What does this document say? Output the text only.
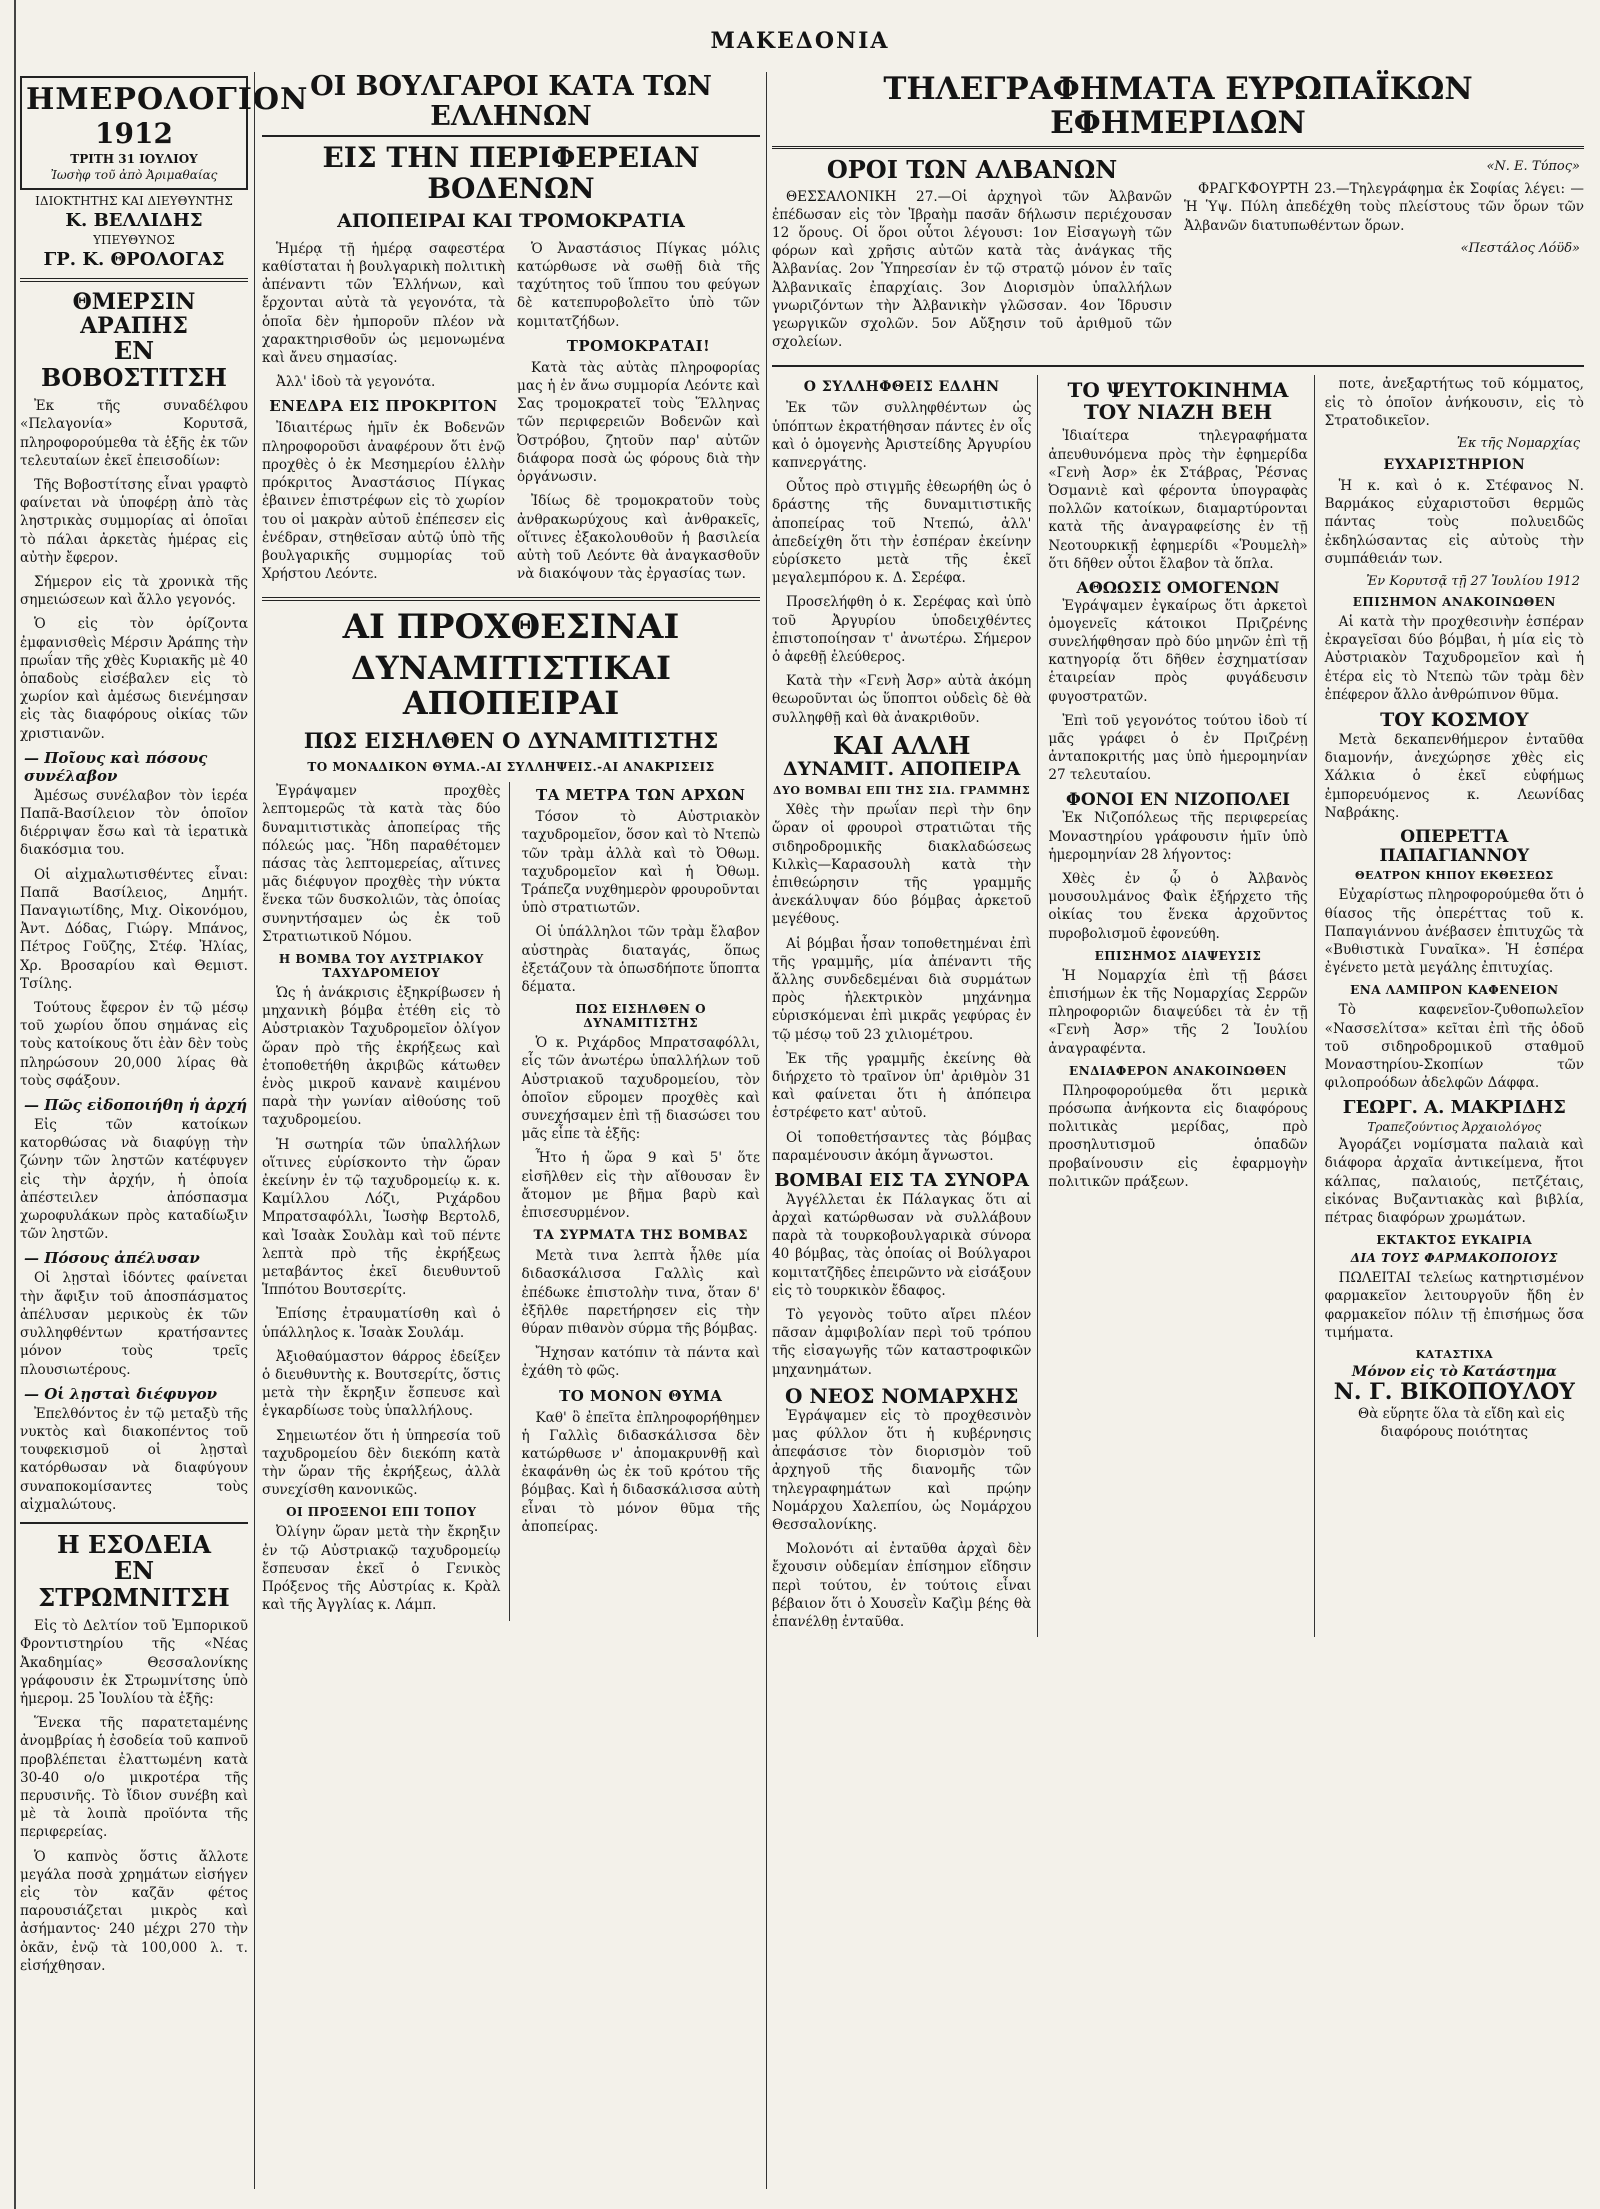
ΜΑΚΕΔΟΝΙΑ
ΗΜΕΡΟΛΟΓΙΟΝ
1912
ΤΡΙΤΗ 31 ΙΟΥΛΙΟΥ
Ἰωσὴφ τοῦ ἀπὸ Ἀριμαθαίας
ΙΔΙΟΚΤΗΤΗΣ ΚΑΙ ΔΙΕΥΘΥΝΤΗΣ
Κ. ΒΕΛΛΙΔΗΣ
ΥΠΕΥΘΥΝΟΣ
ΓΡ. Κ. ΘΡΟΛΟΓΑΣ
ΘΜΕΡΣΙΝ ΑΡΑΠΗΣ
ΕΝ ΒΟΒΟΣΤΙΤΣΗ

Ἐκ τῆς συναδέλφου «Πελαγονία» Κορυτσᾶ, πληροφορούμεθα τὰ ἑξῆς ἐκ τῶν τελευταίων ἐκεῖ ἐπεισοδίων:

Τῆς Βοβοστίτσης εἶναι γραφτὸ φαίνεται νὰ ὑποφέρῃ ἀπὸ τὰς ληστρικὰς συμμορίας αἱ ὁποῖαι τὸ πάλαι ἀρκετὰς ἡμέρας εἰς αὐτὴν ἔφερον.

Σήμερον εἰς τὰ χρονικὰ τῆς σημειώσεων καὶ ἄλλο γεγονός.

Ὁ εἰς τὸν ὁρίζοντα ἐμφανισθεὶς Μέρσιν Ἀράπης τὴν πρωΐαν τῆς χθὲς Κυριακῆς μὲ 40 ὁπαδοὺς εἰσέβαλεν εἰς τὸ χωρίον καὶ ἀμέσως διενέμησαν εἰς τὰς διαφόρους οἰκίας τῶν χριστιανῶν.

— Ποῖους καὶ πόσους συνέλαβον

Ἀμέσως συνέλαβον τὸν ἱερέα Παπᾶ-Βασίλειον τὸν ὁποῖον διέρριψαν ἔσω καὶ τὰ ἱερατικὰ διακόσμια του.

Οἱ αἰχμαλωτισθέντες εἶναι: Παπᾶ Βασίλειος, Δημήτ. Παναγιωτίδης, Μιχ. Οἰκονόμου, Ἀντ. Δόδας, Γιώργ. Μπάνος, Πέτρος Γοῦζης, Στέφ. Ἠλίας, Χρ. Βροσαρίου καὶ Θεμιστ. Τσίλης.

Τούτους ἔφερον ἐν τῷ μέσῳ τοῦ χωρίου ὅπου σημάνας εἰς τοὺς κατοίκους ὅτι ἐὰν δὲν τοὺς πληρώσουν 20,000 λίρας θὰ τοὺς σφάξουν.

— Πῶς εἰδοποιήθη ἡ ἀρχή

Εἰς τῶν κατοίκων κατορθώσας νὰ διαφύγῃ τὴν ζώνην τῶν ληστῶν κατέφυγεν εἰς τὴν ἀρχήν, ἡ ὁποία ἀπέστειλεν ἀπόσπασμα χωροφυλάκων πρὸς καταδίωξιν τῶν ληστῶν.

— Πόσους ἀπέλυσαν

Οἱ λῃσταὶ ἰδόντες φαίνεται τὴν ἄφιξιν τοῦ ἀποσπάσματος ἀπέλυσαν μερικοὺς ἐκ τῶν συλληφθέντων κρατήσαντες μόνον τοὺς τρεῖς πλουσιωτέρους.

— Οἱ λῃσταὶ διέφυγον

Ἐπελθόντος ἐν τῷ μεταξὺ τῆς νυκτὸς καὶ διακοπέντος τοῦ τουφεκισμοῦ οἱ λῃσταὶ κατόρθωσαν νὰ διαφύγουν συναποκομίσαντες τοὺς αἰχμαλώτους.

Η ΕΣΟΔΕΙΑ
ΕΝ ΣΤΡΩΜΝΙΤΣΗ

Εἰς τὸ Δελτίον τοῦ Ἐμπορικοῦ Φροντιστηρίου τῆς «Νέας Ἀκαδημίας» Θεσσαλονίκης γράφουσιν ἐκ Στρωμνίτσης ὑπὸ ἡμερομ. 25 Ἰουλίου τὰ ἑξῆς:

Ἕνεκα τῆς παρατεταμένης ἀνομβρίας ἡ ἐσοδεία τοῦ καπνοῦ προβλέπεται ἐλαττωμένη κατὰ 30-40 ο/ο μικροτέρα τῆς περυσινῆς. Τὸ ἴδιον συνέβη καὶ μὲ τὰ λοιπὰ προϊόντα τῆς περιφερείας.

Ὁ καπνὸς ὅστις ἄλλοτε μεγάλα ποσὰ χρημάτων εἰσήγεν εἰς τὸν καζᾶν φέτος παρουσιάζεται μικρὸς καὶ ἀσήμαντος· 240 μέχρι 270 τὴν ὀκᾶν, ἐνῷ τὰ 100,000 λ. τ. εἰσήχθησαν.

ΟΙ ΒΟΥΛΓΑΡΟΙ ΚΑΤΑ ΤΩΝ ΕΛΛΗΝΩΝ
ΕΙΣ ΤΗΝ ΠΕΡΙΦΕΡΕΙΑΝ ΒΟΔΕΝΩΝ
ΑΠΟΠΕΙΡΑΙ ΚΑΙ ΤΡΟΜΟΚΡΑΤΙΑ

Ἡμέρᾳ τῇ ἡμέρᾳ σαφεστέρα καθίσταται ἡ βουλγαρικὴ πολιτικὴ ἀπέναντι τῶν Ἑλλήνων, καὶ ἔρχονται αὐτὰ τὰ γεγονότα, τὰ ὁποῖα δὲν ἠμποροῦν πλέον νὰ χαρακτηρισθοῦν ὡς μεμονωμένα καὶ ἄνευ σημασίας.

Ἀλλ' ἰδοὺ τὰ γεγονότα.

ΕΝΕΔΡΑ ΕΙΣ ΠΡΟΚΡΙΤΟΝ

Ἰδιαιτέρως ἡμῖν ἐκ Βοδενῶν πληροφοροῦσι ἀναφέρουν ὅτι ἐνῷ προχθὲς ὁ ἐκ Μεσημερίου ἐλλὴν πρόκριτος Ἀναστάσιος Πίγκας ἐβαινεν ἐπιστρέφων εἰς τὸ χωρίον του οἱ μακρὰν αὐτοῦ ἐπέπεσεν εἰς ἐνέδραν, στηθεῖσαν αὐτῷ ὑπὸ τῆς βουλγαρικῆς συμμορίας τοῦ Χρήστου Λεόντε.

Ὁ Ἀναστάσιος Πίγκας μόλις κατώρθωσε νὰ σωθῇ διὰ τῆς ταχύτητος τοῦ ἵππου του φεύγων δὲ κατεπυροβολεῖτο ὑπὸ τῶν κομιτατζήδων.

ΤΡΟΜΟΚΡΑΤΑΙ!

Κατὰ τὰς αὐτὰς πληροφορίας μας ἡ ἐν ἄνω συμμορία Λεόντε καὶ Σας τρομοκρατεῖ τοὺς Ἕλληνας τῶν περιφερειῶν Βοδενῶν καὶ Ὀστρόβου, ζητοῦν παρ' αὐτῶν διάφορα ποσὰ ὡς φόρους διὰ τὴν ὀργάνωσιν.

Ἰδίως δὲ τρομοκρατοῦν τοὺς ἀνθρακωρύχους καὶ ἀνθρακεῖς, οἵτινες ἐξακολουθοῦν ἡ βασιλεία αὐτὴ τοῦ Λεόντε θὰ ἀναγκασθοῦν νὰ διακόψουν τὰς ἐργασίας των.

ΑΙ ΠΡΟΧΘΕΣΙΝΑΙ
ΔΥΝΑΜΙΤΙΣΤΙΚΑΙ ΑΠΟΠΕΙΡΑΙ
ΠΩΣ ΕΙΣΗΛΘΕΝ Ο ΔΥΝΑΜΙΤΙΣΤΗΣ
ΤΟ ΜΟΝΑΔΙΚΟΝ ΘΥΜΑ.-ΑΙ ΣΥΛΛΗΨΕΙΣ.-ΑΙ ΑΝΑΚΡΙΣΕΙΣ

Ἐγράψαμεν προχθὲς λεπτομερῶς τὰ κατὰ τὰς δύο δυναμιτιστικὰς ἀποπείρας τῆς πόλεώς μας. Ἤδη παραθέτομεν πάσας τὰς λεπτομερείας, αἵτινες μᾶς διέφυγον προχθὲς τὴν νύκτα ἕνεκα τῶν δυσκολιῶν, τὰς ὁποίας συνηντήσαμεν ὡς ἐκ τοῦ Στρατιωτικοῦ Νόμου.

Η ΒΟΜΒΑ ΤΟΥ ΑΥΣΤΡΙΑΚΟΥ ΤΑΧΥΔΡΟΜΕΙΟΥ

Ὡς ἡ ἀνάκρισις ἐξηκρίβωσεν ἡ μηχανικὴ βόμβα ἐτέθη εἰς τὸ Αὐστριακὸν Ταχυδρομεῖον ὀλίγον ὥραν πρὸ τῆς ἐκρήξεως καὶ ἐτοποθετήθη ἀκριβῶς κάτωθεν ἑνὸς μικροῦ κανανὲ καιμένου παρὰ τὴν γωνίαν αἰθούσης τοῦ ταχυδρομείου.

Ἡ σωτηρία τῶν ὑπαλλήλων οἵτινες εὑρίσκοντο τὴν ὥραν ἐκείνην ἐν τῷ ταχυδρομείῳ κ. κ. Καμίλλου Λόζι, Ριχάρδου Μπρατσαφόλλι, Ἰωσὴφ Βερτολδ, καὶ Ἰσαὰκ Σουλὰμ καὶ τοῦ πέντε λεπτὰ πρὸ τῆς ἐκρήξεως μεταβάντος ἐκεῖ διευθυντοῦ Ἱππότου Βουτσερίτς.

Ἐπίσης ἐτραυματίσθη καὶ ὁ ὑπάλληλος κ. Ἰσαὰκ Σουλάμ.

Ἀξιοθαύμαστον θάρρος ἐδείξεν ὁ διευθυντὴς κ. Βουτσερίτς, ὅστις μετὰ τὴν ἔκρηξιν ἔσπευσε καὶ ἐγκαρδίωσε τοὺς ὑπαλλήλους.

Σημειωτέον ὅτι ἡ ὑπηρεσία τοῦ ταχυδρομείου δὲν διεκόπη κατὰ τὴν ὥραν τῆς ἐκρήξεως, ἀλλὰ συνεχίσθη κανονικῶς.

ΟΙ ΠΡΟΞΕΝΟΙ ΕΠΙ ΤΟΠΟΥ

Ὀλίγην ὥραν μετὰ τὴν ἔκρηξιν ἐν τῷ Αὐστριακῷ ταχυδρομείῳ ἔσπευσαν ἐκεῖ ὁ Γενικὸς Πρόξενος τῆς Αὐστρίας κ. Κρὰλ καὶ τῆς Ἀγγλίας κ. Λάμπ.

ΤΑ ΜΕΤΡΑ ΤΩΝ ΑΡΧΩΝ

Τόσον τὸ Αὐστριακὸν ταχυδρομεῖον, ὅσον καὶ τὸ Ντεπὼ τῶν τρὰμ ἀλλὰ καὶ τὸ Ὀθωμ. ταχυδρομεῖον καὶ ἡ Ὀθωμ. Τράπεζα νυχθημερὸν φρουροῦνται ὑπὸ στρατιωτῶν.

Οἱ ὑπάλληλοι τῶν τρὰμ ἔλαβον αὐστηρὰς διαταγάς, ὅπως ἐξετάζουν τὰ ὁπωσδήποτε ὕποπτα δέματα.

ΠΩΣ ΕΙΣΗΛΘΕΝ Ο ΔΥΝΑΜΙΤΙΣΤΗΣ

Ὁ κ. Ριχάρδος Μπρατσαφόλλι, εἷς τῶν ἀνωτέρω ὑπαλλήλων τοῦ Αὐστριακοῦ ταχυδρομείου, τὸν ὁποῖον εὕρομεν προχθὲς καὶ συνεχήσαμεν ἐπὶ τῇ διασώσει του μᾶς εἶπε τὰ ἑξῆς:

Ἦτο ἡ ὥρα 9 καὶ 5' ὅτε εἰσῆλθεν εἰς τὴν αἴθουσαν ἓν ἄτομον με βῆμα βαρὺ καὶ ἐπισεσυρμένον.

ΤΑ ΣΥΡΜΑΤΑ ΤΗΣ ΒΟΜΒΑΣ

Μετὰ τινα λεπτὰ ἦλθε μία διδασκάλισσα Γαλλὶς καὶ ἐπέδωκε ἐπιστολὴν τινα, ὅταν δ' ἐξῆλθε παρετήρησεν εἰς τὴν θύραν πιθανὸν σύρμα τῆς βόμβας.

Ἤχησαν κατόπιν τὰ πάντα καὶ ἐχάθη τὸ φῶς.

ΤΟ ΜΟΝΟΝ ΘΥΜΑ

Καθ' ὃ ἐπεῖτα ἐπληροφορήθημεν ἡ Γαλλὶς διδασκάλισσα δὲν κατώρθωσε ν' ἀπομακρυνθῇ καὶ ἐκαφάνθη ὡς ἐκ τοῦ κρότου τῆς βόμβας. Καὶ ἡ διδασκάλισσα αὐτὴ εἶναι τὸ μόνον θῦμα τῆς ἀποπείρας.

ΤΗΛΕΓΡΑΦΗΜΑΤΑ ΕΥΡΩΠΑΪΚΩΝ ΕΦΗΜΕΡΙΔΩΝ
ΟΡΟΙ ΤΩΝ ΑΛΒΑΝΩΝ

ΘΕΣΣΑΛΟΝΙΚΗ 27.—Οἱ ἀρχηγοὶ τῶν Ἀλβανῶν ἐπέδωσαν εἰς τὸν Ἰβραὴμ πασᾶν δήλωσιν περιέχουσαν 12 ὅρους. Οἱ ὅροι οὗτοι λέγουσι: 1ον Εἰσαγωγὴ τῶν φόρων καὶ χρῆσις αὐτῶν κατὰ τὰς ἀνάγκας τῆς Ἀλβανίας. 2ον Ὑπηρεσίαν ἐν τῷ στρατῷ μόνον ἐν ταῖς Ἀλβανικαῖς ἐπαρχίαις. 3ον Διορισμὸν ὑπαλλήλων γνωριζόντων τὴν Ἀλβανικὴν γλῶσσαν. 4ον Ἱδρυσιν γεωργικῶν σχολῶν. 5ον Αὔξησιν τοῦ ἀριθμοῦ τῶν σχολείων.

«Ν. Ε. Τύπος»

ΦΡΑΓΚΦΟΥΡΤΗ 23.—Τηλεγράφημα ἐκ Σοφίας λέγει: — Ἡ Ὑψ. Πύλη ἀπεδέχθη τοὺς πλείστους τῶν ὅρων τῶν Ἀλβανῶν διατυπωθέντων ὅρων.

«Πεστάλος Λόϋδ»
Ο ΣΥΛΛΗΦΘΕΙΣ ΕΔΛΗΝ

Ἐκ τῶν συλληφθέντων ὡς ὑπόπτων ἐκρατήθησαν πάντες ἐν οἷς καὶ ὁ ὁμογενὴς Ἀριστείδης Ἀργυρίου καπνεργάτης.

Οὗτος πρὸ στιγμῆς ἐθεωρήθη ὡς ὁ δράστης τῆς δυναμιτιστικῆς ἀποπείρας τοῦ Ντεπώ, ἀλλ' ἀπεδείχθη ὅτι τὴν ἐσπέραν ἐκείνην εὑρίσκετο μετὰ τῆς ἐκεῖ μεγαλεμπόρου κ. Δ. Σερέφα.

Προσελήφθη ὁ κ. Σερέφας καὶ ὑπὸ τοῦ Ἀργυρίου ὑποδειχθέντες ἐπιστοποίησαν τ' ἀνωτέρω. Σήμερον ὁ ἀφεθῇ ἐλεύθερος.

Κατὰ τὴν «Γενὴ Ἀσρ» αὐτὰ ἀκόμη θεωροῦνται ὡς ὕποπτοι οὐδεὶς δὲ θὰ συλληφθῇ καὶ θὰ ἀνακριθοῦν.

ΚΑΙ ΑΛΛΗ
ΔΥΝΑΜΙΤ. ΑΠΟΠΕΙΡΑ
ΔΥΟ ΒΟΜΒΑΙ ΕΠΙ ΤΗΣ ΣΙΔ. ΓΡΑΜΜΗΣ

Χθὲς τὴν πρωΐαν περὶ τὴν 6ην ὥραν οἱ φρουροὶ στρατιῶται τῆς σιδηροδρομικῆς διακλαδώσεως Κιλκὶς—Καρασουλὴ κατὰ τὴν ἐπιθεώρησιν τῆς γραμμῆς ἀνεκάλυψαν δύο βόμβας ἀρκετοῦ μεγέθους.

Αἱ βόμβαι ἦσαν τοποθετημέναι ἐπὶ τῆς γραμμῆς, μία ἀπέναντι τῆς ἄλλης συνδεδεμέναι διὰ συρμάτων πρὸς ἠλεκτρικὸν μηχάνημα εὑρισκόμεναι ἐπὶ μικρᾶς γεφύρας ἐν τῷ μέσῳ τοῦ 23 χιλιομέτρου.

Ἐκ τῆς γραμμῆς ἐκείνης θὰ διήρχετο τὸ τραῖνον ὑπ' ἀριθμὸν 31 καὶ φαίνεται ὅτι ἡ ἀπόπειρα ἐστρέφετο κατ' αὐτοῦ.

Οἱ τοποθετήσαντες τὰς βόμβας παραμένουσιν ἀκόμη ἄγνωστοι.

ΒΟΜΒΑΙ ΕΙΣ ΤΑ ΣΥΝΟΡΑ

Ἀγγέλλεται ἐκ Πάλαγκας ὅτι αἱ ἀρχαὶ κατώρθωσαν νὰ συλλάβουν παρὰ τὰ τουρκοβουλγαρικὰ σύνορα 40 βόμβας, τὰς ὁποίας οἱ Βούλγαροι κομιτατζῆδες ἐπειρῶντο νὰ εἰσάξουν εἰς τὸ τουρκικὸν ἔδαφος.

Τὸ γεγονὸς τοῦτο αἴρει πλέον πᾶσαν ἀμφιβολίαν περὶ τοῦ τρόπου τῆς εἰσαγωγῆς τῶν καταστροφικῶν μηχανημάτων.

Ο ΝΕΟΣ ΝΟΜΑΡΧΗΣ

Ἐγράψαμεν εἰς τὸ προχθεσινὸν μας φύλλον ὅτι ἡ κυβέρνησις ἀπεφάσισε τὸν διορισμὸν τοῦ ἀρχηγοῦ τῆς διανομῆς τῶν τηλεγραφημάτων καὶ πρῴην Νομάρχου Χαλεπίου, ὡς Νομάρχου Θεσσαλονίκης.

Μολονότι αἱ ἐνταῦθα ἀρχαὶ δὲν ἔχουσιν οὐδεμίαν ἐπίσημον εἴδησιν περὶ τούτου, ἐν τούτοις εἶναι βέβαιον ὅτι ὁ Χουσεῒν Καζὶμ βέης θὰ ἐπανέλθῃ ἐνταῦθα.

ΤΟ ΨΕΥΤΟΚΙΝΗΜΑ
ΤΟΥ ΝΙΑΖΗ ΒΕΗ

Ἰδιαίτερα τηλεγραφήματα ἀπευθυνόμενα πρὸς τὴν ἐφημερίδα «Γενὴ Ἀσρ» ἐκ Στάβρας, Ῥέσνας Ὀσμανιὲ καὶ φέροντα ὑπογραφὰς πολλῶν κατοίκων, διαμαρτύρονται κατὰ τῆς ἀναγραφείσης ἐν τῇ Νεοτουρκικῇ ἐφημερίδι «Ῥουμελὴ» ὅτι δῆθεν οὗτοι ἔλαβον τὰ ὅπλα.

ΑΘΩΩΣΙΣ ΟΜΟΓΕΝΩΝ

Ἐγράψαμεν ἐγκαίρως ὅτι ἀρκετοὶ ὁμογενεῖς κάτοικοι Πριζρένης συνελήφθησαν πρὸ δύο μηνῶν ἐπὶ τῇ κατηγορίᾳ ὅτι δῆθεν ἐσχηματίσαν ἑταιρείαν πρὸς φυγάδευσιν φυγοστρατῶν.

Ἐπὶ τοῦ γεγονότος τούτου ἰδοὺ τί μᾶς γράφει ὁ ἐν Πριζρένῃ ἀνταποκριτής μας ὑπὸ ἡμερομηνίαν 27 τελευταίου.

ΦΟΝΟΙ ΕΝ ΝΙΖΟΠΟΛΕΙ

Ἐκ Νιζοπόλεως τῆς περιφερείας Μοναστηρίου γράφουσιν ἡμῖν ὑπὸ ἡμερομηνίαν 28 λήγοντος:

Χθὲς ἐν ᾧ ὁ Ἀλβανὸς μουσουλμάνος Φαὶκ ἐξήρχετο τῆς οἰκίας του ἕνεκα ἀρχοῦντος πυροβολισμοῦ ἐφονεύθη.

ΕΠΙΣΗΜΟΣ ΔΙΑΨΕΥΣΙΣ

Ἡ Νομαρχία ἐπὶ τῇ βάσει ἐπισήμων ἐκ τῆς Νομαρχίας Σερρῶν πληροφοριῶν διαψεύδει τὰ ἐν τῇ «Γενὴ Ἀσρ» τῆς 2 Ἰουλίου ἀναγραφέντα.

ΕΝΔΙΑΦΕΡΟΝ ΑΝΑΚΟΙΝΩΘΕΝ

Πληροφορούμεθα ὅτι μερικὰ πρόσωπα ἀνήκοντα εἰς διαφόρους πολιτικὰς μερίδας, πρὸ προσηλυτισμοῦ ὁπαδῶν προβαίνουσιν εἰς ἐφαρμογὴν πολιτικῶν πράξεων.

ποτε, ἀνεξαρτήτως τοῦ κόμματος, εἰς τὸ ὁποῖον ἀνήκουσιν, εἰς τὸ Στρατοδικεῖον.

Ἐκ τῆς Νομαρχίας
ΕΥΧΑΡΙΣΤΗΡΙΟΝ

Ἡ κ. καὶ ὁ κ. Στέφανος Ν. Βαρμάκος εὐχαριστοῦσι θερμῶς πάντας τοὺς πολυειδῶς ἐκδηλώσαντας εἰς αὐτοὺς τὴν συμπάθειάν των.

Ἐν Κορυτσᾷ τῇ 27 Ἰουλίου 1912
ΕΠΙΣΗΜΟΝ ΑΝΑΚΟΙΝΩΘΕΝ

Αἱ κατὰ τὴν προχθεσινὴν ἑσπέραν ἐκραγεῖσαι δύο βόμβαι, ἡ μία εἰς τὸ Αὐστριακὸν Ταχυδρομεῖον καὶ ἡ ἑτέρα εἰς τὸ Ντεπὼ τῶν τρὰμ δὲν ἐπέφερον ἄλλο ἀνθρώπινον θῦμα.

ΤΟΥ ΚΟΣΜΟΥ

Μετὰ δεκαπενθήμερον ἐνταῦθα διαμονήν, ἀνεχώρησε χθὲς εἰς Χάλκια ὁ ἐκεῖ εὐφήμως ἐμπορευόμενος κ. Λεωνίδας Ναβράκης.

ΟΠΕΡΕΤΤΑ ΠΑΠΑΓΙΑΝΝΟΥ
ΘΕΑΤΡΟΝ ΚΗΠΟΥ ΕΚΘΕΣΕΩΣ

Εὐχαρίστως πληροφορούμεθα ὅτι ὁ θίασος τῆς ὀπερέττας τοῦ κ. Παπαγιάννου ἀνέβασεν ἐπιτυχῶς τὰ «Βυθιστικὰ Γυναῖκα». Ἡ ἑσπέρα ἐγένετο μετὰ μεγάλης ἐπιτυχίας.

ΕΝΑ ΛΑΜΠΡΟΝ ΚΑΦΕΝΕΙΟΝ

Τὸ καφενεῖον-ζυθοπωλεῖον «Νασσελίτσα» κεῖται ἐπὶ τῆς ὁδοῦ τοῦ σιδηροδρομικοῦ σταθμοῦ Μοναστηρίου-Σκοπίων τῶν φιλοπροόδων ἀδελφῶν Δάφφα.

ΓΕΩΡΓ. Α. ΜΑΚΡΙΔΗΣ
Τραπεζούντιος Ἀρχαιολόγος

Ἀγοράζει νομίσματα παλαιὰ καὶ διάφορα ἀρχαῖα ἀντικείμενα, ἤτοι κάλπας, παλαιούς, πετζέταις, εἰκόνας Βυζαντιακὰς καὶ βιβλία, πέτρας διαφόρων χρωμάτων.

ΕΚΤΑΚΤΟΣ ΕΥΚΑΙΡΙΑ
ΔΙΑ ΤΟΥΣ ΦΑΡΜΑΚΟΠΟΙΟΥΣ

ΠΩΛΕΙΤΑΙ τελείως κατηρτισμένον φαρμακεῖον λειτουργοῦν ἤδη ἐν φαρμακεῖον πόλιν τῇ ἐπισήμως ὅσα τιμήματα.

ΚΑΤΑΣΤΙΧΑ
Μόνον εἰς τὸ Κατάστημα
Ν. Γ. ΒΙΚΟΠΟΥΛΟΥ

Θὰ εὕρητε ὅλα τὰ εἴδη καὶ εἰς διαφόρους ποιότητας
